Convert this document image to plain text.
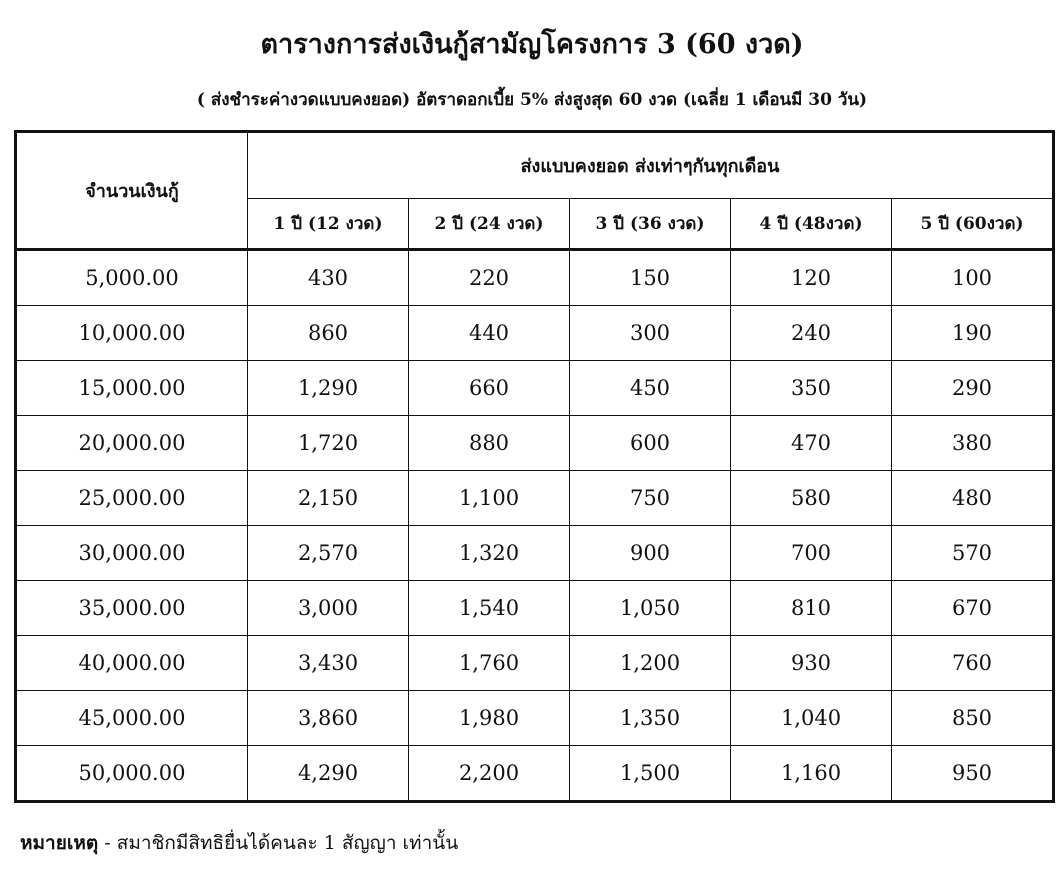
ตารางการส่งเงินกู้สามัญโครงการ 3 (60 งวด)
( ส่งชำระค่างวดแบบคงยอด) อัตราดอกเบี้ย 5% ส่งสูงสุด 60 งวด (เฉลี่ย 1 เดือนมี 30 วัน)
จำนวนเงินกู้	ส่งแบบคงยอด ส่งเท่าๆกันทุกเดือน				
	1 ปี (12 งวด)	2 ปี (24 งวด)	3 ปี (36 งวด)	4 ปี (48งวด)	5 ปี (60งวด)
5,000.00	430	220	150	120	100
10,000.00	860	440	300	240	190
15,000.00	1,290	660	450	350	290
20,000.00	1,720	880	600	470	380
25,000.00	2,150	1,100	750	580	480
30,000.00	2,570	1,320	900	700	570
35,000.00	3,000	1,540	1,050	810	670
40,000.00	3,430	1,760	1,200	930	760
45,000.00	3,860	1,980	1,350	1,040	850
50,000.00	4,290	2,200	1,500	1,160	950
หมายเหตุ - สมาชิกมีสิทธิยื่นได้คนละ 1 สัญญา เท่านั้น
